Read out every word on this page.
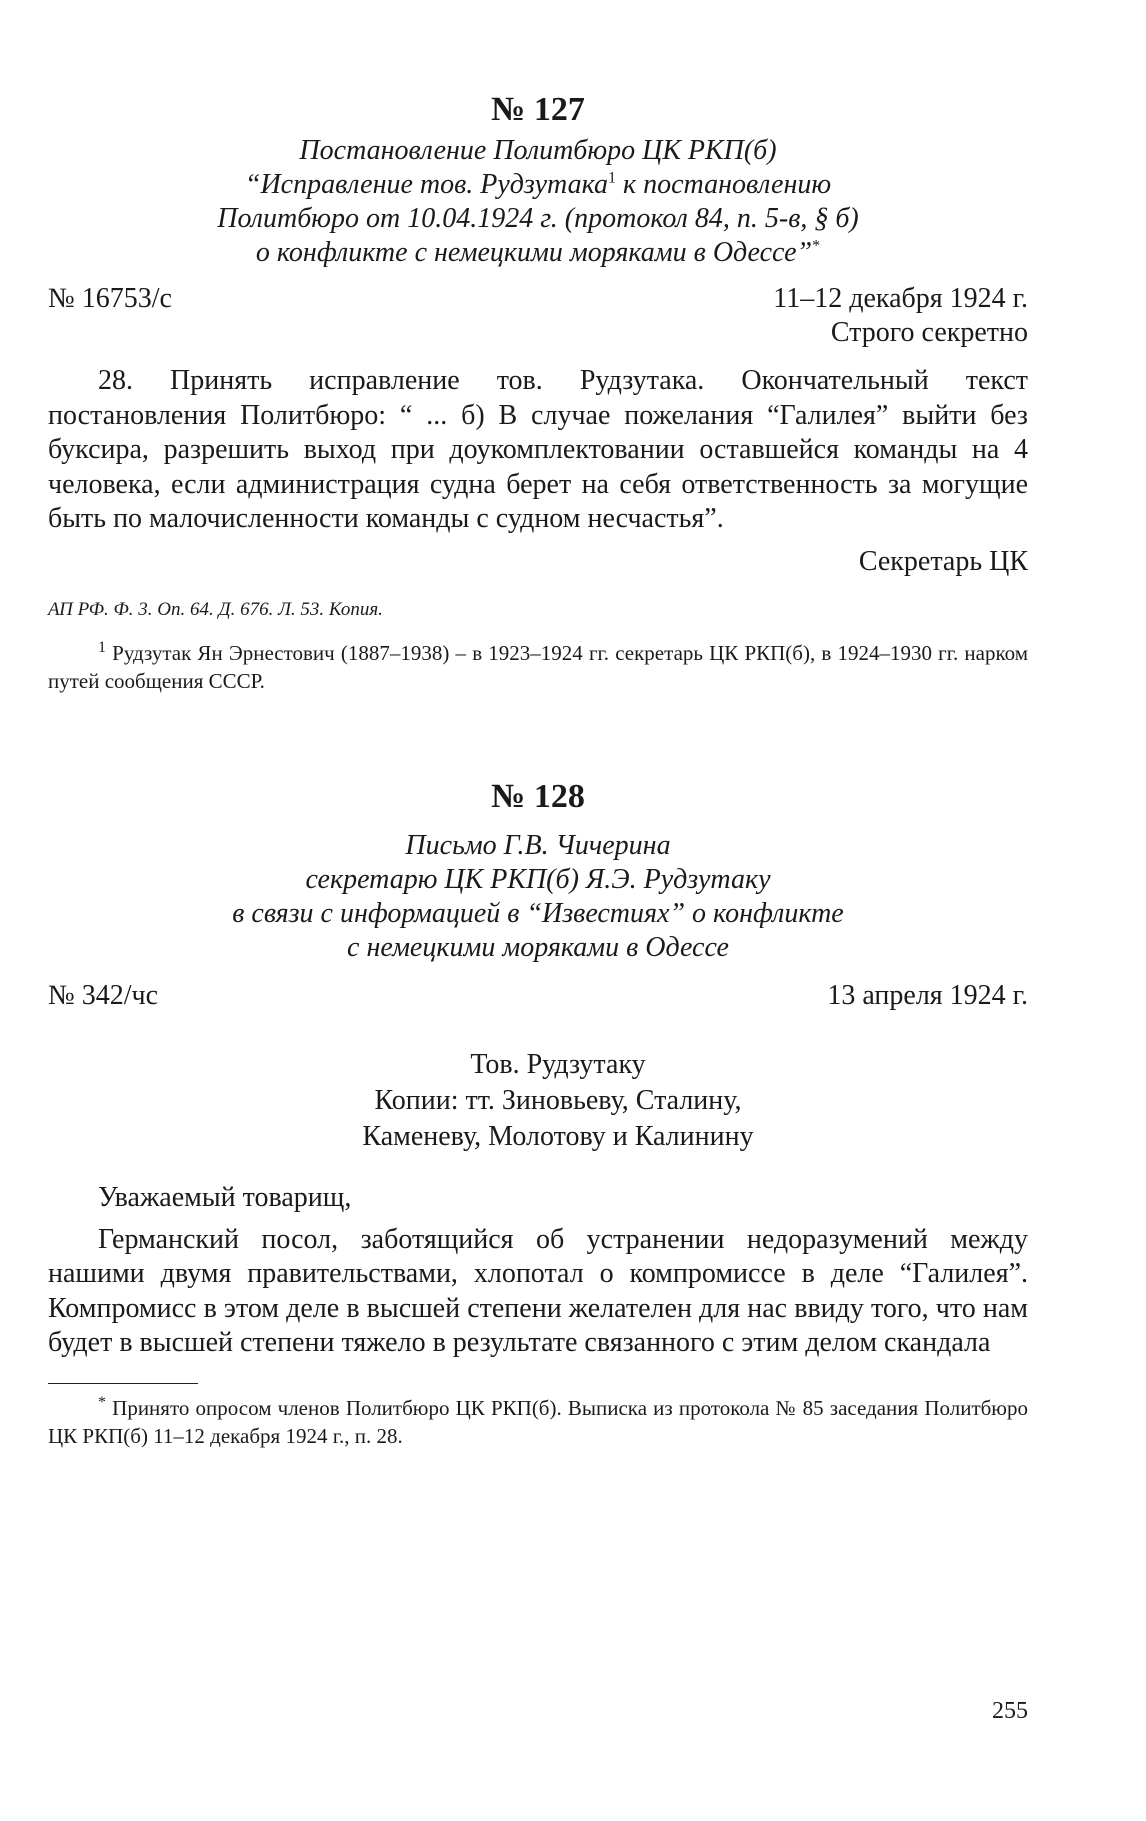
№ 127
Постановление Политбюро ЦК РКП(б)
“Исправление тов. Рудзутака$^1$ к постановлению
Политбюро от 10.04.1924 г. (протокол 84, п. 5-в, § б)
о конфликте с немецкими моряками в Одессе”*
№ 16753/с	11–12 декабря 1924 г.
Строго секретно

28. Принять исправление тов. Рудзутака. Окончательный текст постановления Политбюро: “ ... б) В случае пожелания “Галилея” выйти без буксира, разрешить выход при доукомплектовании оставшейся команды на 4 человека, если администрация судна берет на себя ответственность за могущие быть по малочисленности команды с судном несчастья”.

Секретарь ЦК
АП РФ. Ф. 3. Оп. 64. Д. 676. Л. 53. Копия.
$^1$ Рудзутак Ян Эрнестович (1887–1938) – в 1923–1924 гг. секретарь ЦК РКП(б), в 1924–1930 гг. нарком путей сообщения СССР.
№ 128
Письмо Г.В. Чичерина
секретарю ЦК РКП(б) Я.Э. Рудзутаку
в связи с информацией в “Известиях” о конфликте
с немецкими моряками в Одессе
№ 342/чс	13 апреля 1924 г.
Тов. Рудзутаку
Копии: тт. Зиновьеву, Сталину,
Каменеву, Молотову и Калинину
Уважаемый товарищ,

Германский посол, заботящийся об устранении недоразумений между нашими двумя правительствами, хлопотал о компромиссе в деле “Галилея”. Компромисс в этом деле в высшей степени желателен для нас ввиду того, что нам будет в высшей степени тяжело в результате связанного с этим делом скандала

* Принято опросом членов Политбюро ЦК РКП(б). Выписка из протокола № 85 заседания Политбюро ЦК РКП(б) 11–12 декабря 1924 г., п. 28.
255
